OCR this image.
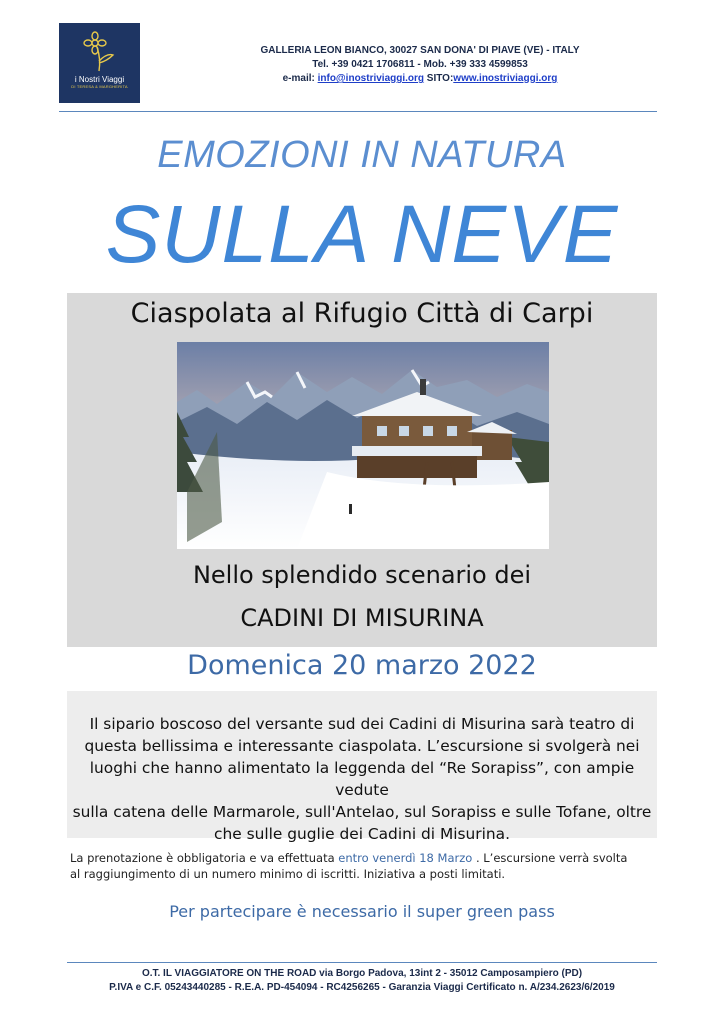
i Nostri Viaggi
DI TERESA & MARGHERITA
GALLERIA LEON BIANCO, 30027 SAN DONA' DI PIAVE (VE) - ITALY
Tel. +39 0421 1706811 - Mob. +39 333 4599853
e-mail: info@inostriviaggi.org SITO:www.inostriviaggi.org
EMOZIONI IN NATURA
SULLA NEVE
Ciaspolata al Rifugio Città di Carpi
Nello splendido scenario dei
CADINI DI MISURINA
Domenica 20 marzo 2022
Il sipario boscoso del versante sud dei Cadini di Misurina sarà teatro di
questa bellissima e interessante ciaspolata. L’escursione si svolgerà nei
luoghi che hanno alimentato la leggenda del “Re Sorapiss”, con ampie vedute
sulla catena delle Marmarole, sull'Antelao, sul Sorapiss e sulle Tofane, oltre
che sulle guglie dei Cadini di Misurina.
La prenotazione è obbligatoria e va effettuata entro venerdì 18 Marzo . L’escursione verrà svolta
al raggiungimento di un numero minimo di iscritti. Iniziativa a posti limitati.
Per partecipare è necessario il super green pass
O.T. IL VIAGGIATORE ON THE ROAD via Borgo Padova, 13int 2 - 35012 Camposampiero (PD)
P.IVA e C.F. 05243440285 - R.E.A. PD-454094 - RC4256265 - Garanzia Viaggi Certificato n. A/234.2623/6/2019
